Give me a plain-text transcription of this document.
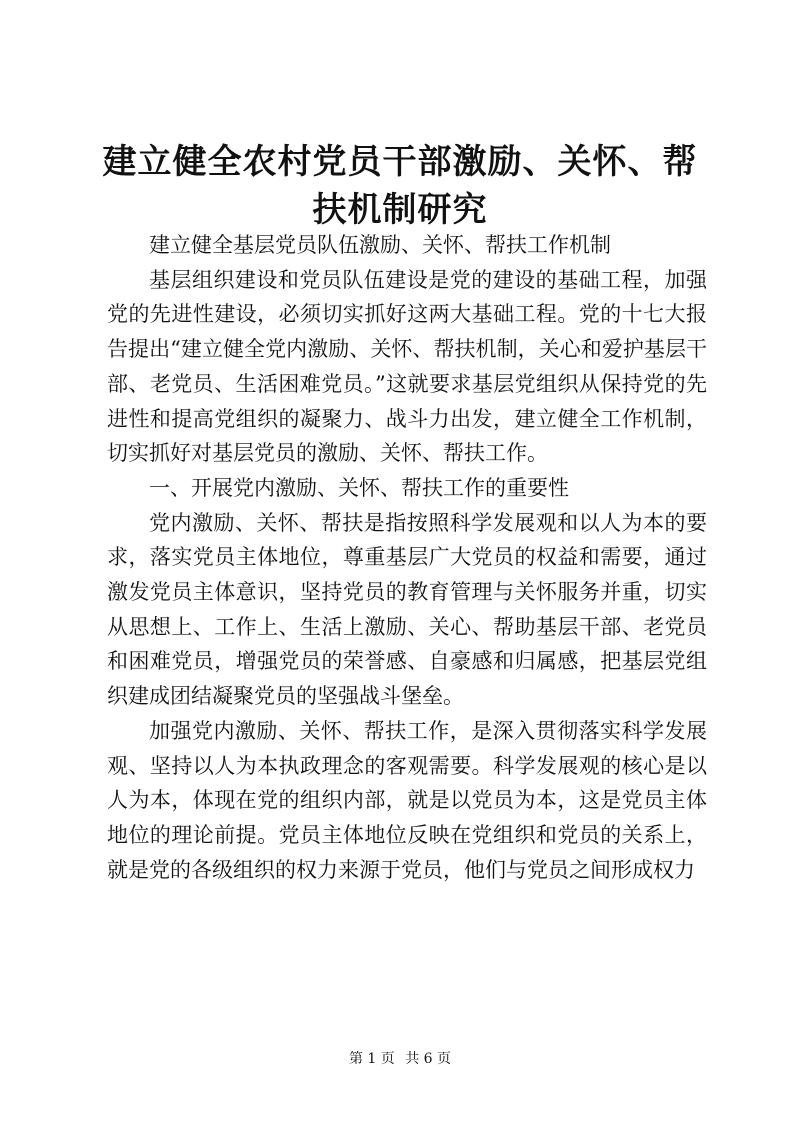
建立健全农村党员干部激励、关怀、帮扶机制研究

建立健全基层党员队伍激励、关怀、帮扶工作机制

基层组织建设和党员队伍建设是党的建设的基础工程，加强党的先进性建设，必须切实抓好这两大基础工程。党的十七大报告提出“建立健全党内激励、关怀、帮扶机制，关心和爱护基层干部、老党员、生活困难党员。”这就要求基层党组织从保持党的先进性和提高党组织的凝聚力、战斗力出发，建立健全工作机制，切实抓好对基层党员的激励、关怀、帮扶工作。

一、开展党内激励、关怀、帮扶工作的重要性

党内激励、关怀、帮扶是指按照科学发展观和以人为本的要求，落实党员主体地位，尊重基层广大党员的权益和需要，通过激发党员主体意识，坚持党员的教育管理与关怀服务并重，切实从思想上、工作上、生活上激励、关心、帮助基层干部、老党员和困难党员，增强党员的荣誉感、自豪感和归属感，把基层党组织建成团结凝聚党员的坚强战斗堡垒。

加强党内激励、关怀、帮扶工作，是深入贯彻落实科学发展观、坚持以人为本执政理念的客观需要。科学发展观的核心是以人为本，体现在党的组织内部，就是以党员为本，这是党员主体地位的理论前提。党员主体地位反映在党组织和党员的关系上，就是党的各级组织的权力来源于党员，他们与党员之间形成权力

第 1 页 共 6 页
